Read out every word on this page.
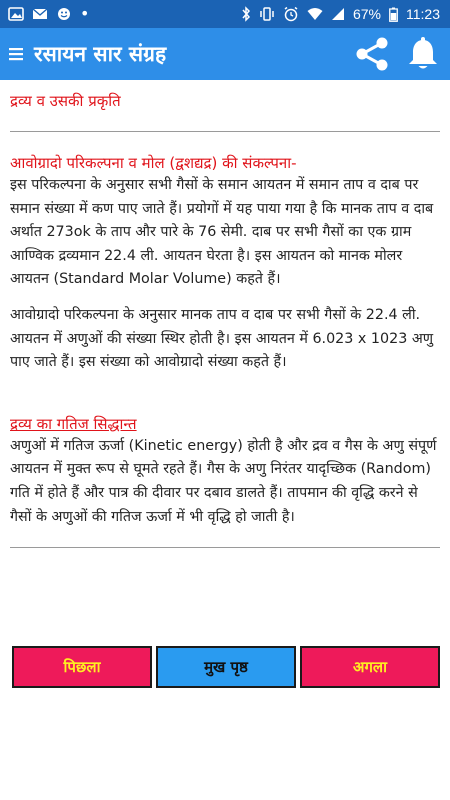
•	67% 11:23
रसायन सार संग्रह
द्रव्य व उसकी प्रकृति
आवोग्रादो परिकल्पना व मोल (द्वशद्यद्र) की संकल्पना-

इस परिकल्पना के अनुसार सभी गैसों के समान आयतन में समान ताप व दाब पर समान संख्या में कण पाए जाते हैं। प्रयोगों में यह पाया गया है कि मानक ताप व दाब अर्थात 273ok के ताप और पारे के 76 सेमी. दाब पर सभी गैसों का एक ग्राम आण्विक द्रव्यमान 22.4 ली. आयतन घेरता है। इस आयतन को मानक मोलर आयतन (Standard Molar Volume) कहते हैं।

आवोग्रादो परिकल्पना के अनुसार मानक ताप व दाब पर सभी गैसों के 22.4 ली. आयतन में अणुओं की संख्या स्थिर होती है। इस आयतन में 6.023 x 1023 अणु पाए जाते हैं। इस संख्या को आवोग्रादो संख्या कहते हैं।

द्रव्य का गतिज सिद्धान्त

अणुओं में गतिज ऊर्जा (Kinetic energy) होती है और द्रव व गैस के अणु संपूर्ण आयतन में मुक्त रूप से घूमते रहते हैं। गैस के अणु निरंतर यादृच्छिक (Random) गति में होते हैं और पात्र की दीवार पर दबाव डालते हैं। तापमान की वृद्धि करने से गैसों के अणुओं की गतिज ऊर्जा में भी वृद्धि हो जाती है।

पिछला	मुख पृष्ठ	अगला
